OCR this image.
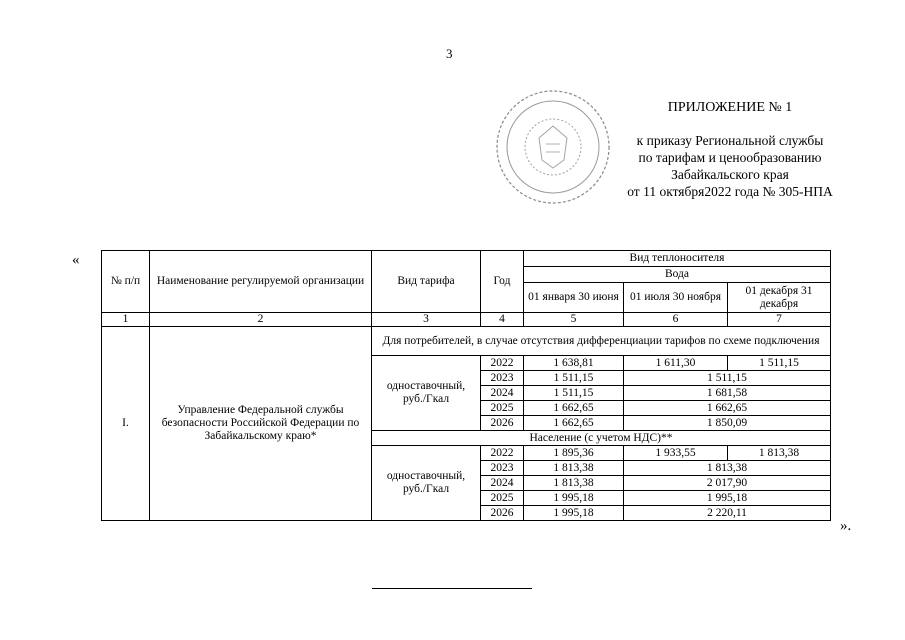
3
ПРИЛОЖЕНИЕ № 1
к приказу Региональной службы
по тарифам и ценообразованию
Забайкальского края
от 11 октября2022 года № 305-НПА
«
№ п/п	Наименование регулируемой организации	Вид тарифа	Год	Вид теплоносителя		
				Вода		
				01 января 30 июня	01 июля 30 ноября	01 декабря 31 декабря
1	2	3	4	5	6	7
I.	Управление Федеральной службы безопасности Российской Федерации по Забайкальскому краю*	Для потребителей, в случае отсутствия дифференциации тарифов по схеме подключения				
		одноставочный, руб./Гкал	2022	1 638,81	1 611,30	1 511,15
			2023	1 511,15	1 511,15	
			2024	1 511,15	1 681,58	
			2025	1 662,65	1 662,65	
			2026	1 662,65	1 850,09	
		Население (с учетом НДС)**				
		одноставочный, руб./Гкал	2022	1 895,36	1 933,55	1 813,38
			2023	1 813,38	1 813,38	
			2024	1 813,38	2 017,90	
			2025	1 995,18	1 995,18	
			2026	1 995,18	2 220,11	
».
